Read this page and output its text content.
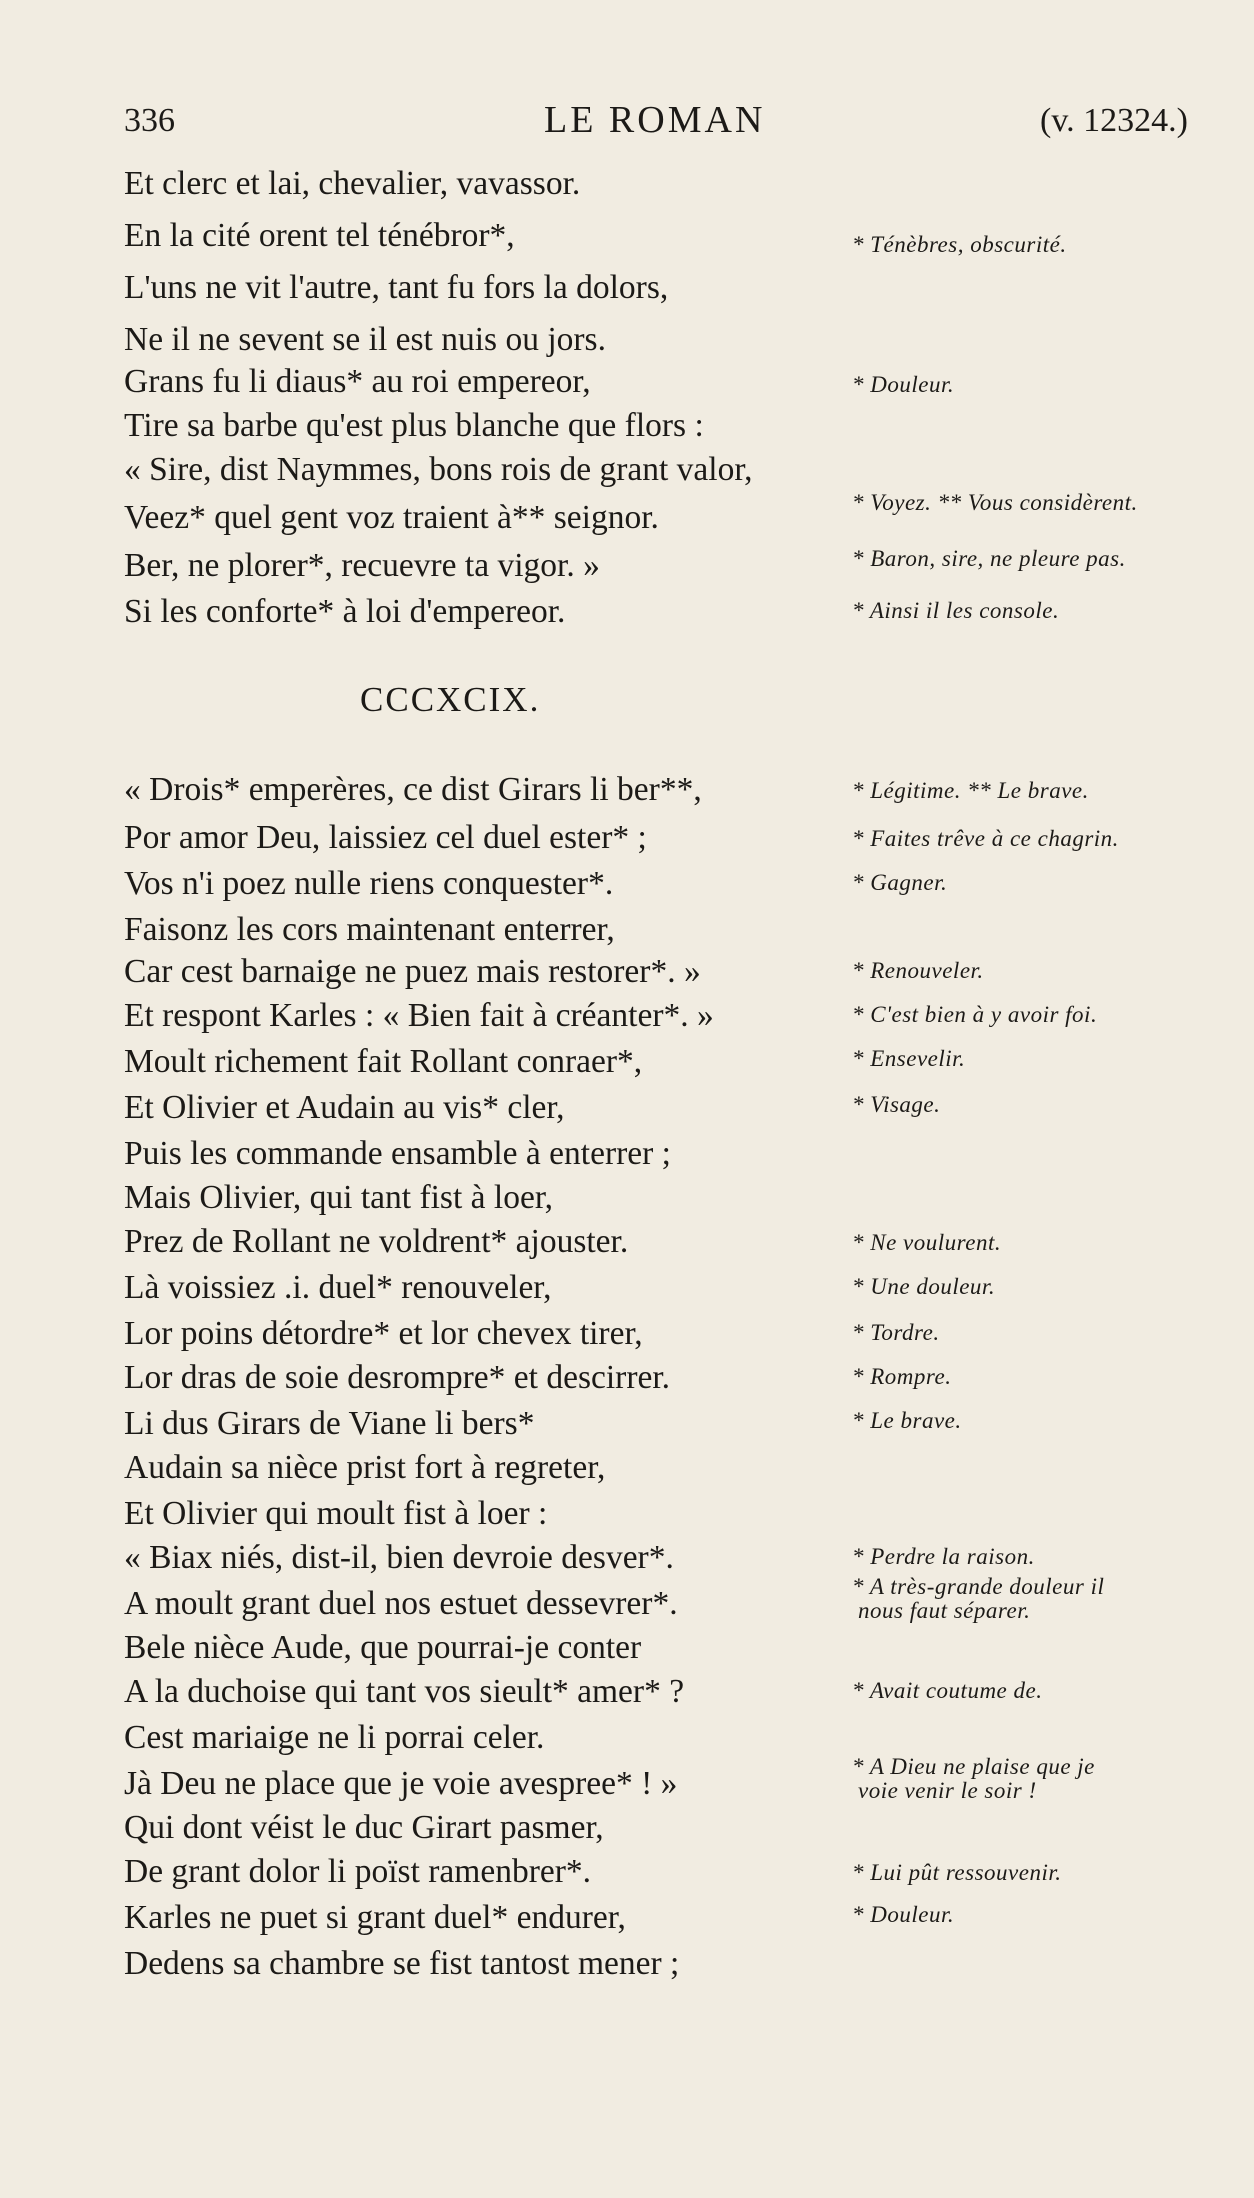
336	LE ROMAN	(v. 12324.)
Et clerc et lai, chevalier, vavassor.
En la cité orent tel ténébror*,
L'uns ne vit l'autre, tant fu fors la dolors,
Ne il ne sevent se il est nuis ou jors.
Grans fu li diaus* au roi empereor,
Tire sa barbe qu'est plus blanche que flors :
« Sire, dist Naymmes, bons rois de grant valor,
Veez* quel gent voz traient à** seignor.
Ber, ne plorer*, recuevre ta vigor. »
Si les conforte* à loi d'empereor.
* Ténèbres, obscurité.
* Douleur.
* Voyez. ** Vous considèrent.
* Baron, sire, ne pleure pas.
* Ainsi il les console.
CCCXCIX.
« Drois* emperères, ce dist Girars li ber**,
Por amor Deu, laissiez cel duel ester* ;
Vos n'i poez nulle riens conquester*.
Faisonz les cors maintenant enterrer,
Car cest barnaige ne puez mais restorer*. »
Et respont Karles : « Bien fait à créanter*. »
Moult richement fait Rollant conraer*,
Et Olivier et Audain au vis* cler,
Puis les commande ensamble à enterrer ;
Mais Olivier, qui tant fist à loer,
Prez de Rollant ne voldrent* ajouster.
Là voissiez .i. duel* renouveler,
Lor poins détordre* et lor chevex tirer,
Lor dras de soie desrompre* et descirrer.
Li dus Girars de Viane li bers*
Audain sa nièce prist fort à regreter,
Et Olivier qui moult fist à loer :
« Biax niés, dist-il, bien devroie desver*.
A moult grant duel nos estuet dessevrer*.
Bele nièce Aude, que pourrai-je conter
A la duchoise qui tant vos sieult* amer* ?
Cest mariaige ne li porrai celer.
Jà Deu ne place que je voie avespree* ! »
Qui dont véist le duc Girart pasmer,
De grant dolor li poïst ramenbrer*.
Karles ne puet si grant duel* endurer,
Dedens sa chambre se fist tantost mener ;
* Légitime. ** Le brave.
* Faites trêve à ce chagrin.
* Gagner.
* Renouveler.
* C'est bien à y avoir foi.
* Ensevelir.
* Visage.
* Ne voulurent.
* Une douleur.
* Tordre.
* Rompre.
* Le brave.
* Perdre la raison.
* A très-grande douleur il
nous faut séparer.
* Avait coutume de.
* A Dieu ne plaise que je
voie venir le soir !
* Lui pût ressouvenir.
* Douleur.
